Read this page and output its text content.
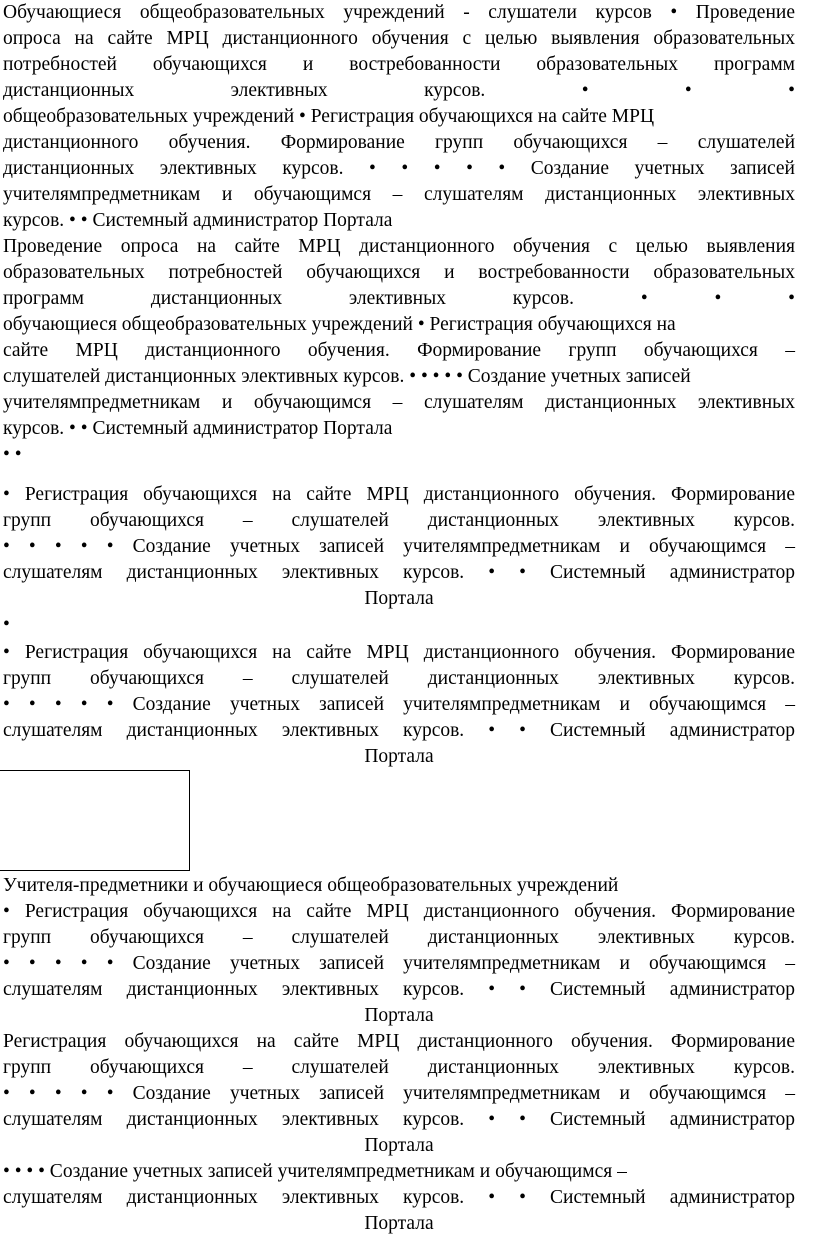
Обучающиеся общеобразовательных учреждений - слушатели курсов • Проведение
опроса на сайте МРЦ дистанционного обучения с целью выявления образовательных
потребностей обучающихся и востребованности образовательных программ
дистанционных элективных курсов. • • •
общеобразовательных учреждений • Регистрация обучающихся на сайте МРЦ
дистанционного обучения. Формирование групп обучающихся – слушателей
дистанционных элективных курсов. • • • • • Создание учетных записей
учителямпредметникам и обучающимся – слушателям дистанционных элективных
курсов. • • Системный администратор Портала
Проведение опроса на сайте МРЦ дистанционного обучения с целью выявления
образовательных потребностей обучающихся и востребованности образовательных
программ дистанционных элективных курсов. • • •
обучающиеся общеобразовательных учреждений • Регистрация обучающихся на
сайте МРЦ дистанционного обучения. Формирование групп обучающихся –
слушателей дистанционных элективных курсов. • • • • • Создание учетных записей
учителямпредметникам и обучающимся – слушателям дистанционных элективных
курсов. • • Системный администратор Портала
• •
• Регистрация обучающихся на сайте МРЦ дистанционного обучения. Формирование
групп обучающихся – слушателей дистанционных элективных курсов.
• • • • • Создание учетных записей учителямпредметникам и обучающимся –
слушателям дистанционных элективных курсов. • • Системный администратор
Портала
•
• Регистрация обучающихся на сайте МРЦ дистанционного обучения. Формирование
групп обучающихся – слушателей дистанционных элективных курсов.
• • • • • Создание учетных записей учителямпредметникам и обучающимся –
слушателям дистанционных элективных курсов. • • Системный администратор
Портала
Учителя-предметники и обучающиеся общеобразовательных учреждений
• Регистрация обучающихся на сайте МРЦ дистанционного обучения. Формирование
групп обучающихся – слушателей дистанционных элективных курсов.
• • • • • Создание учетных записей учителямпредметникам и обучающимся –
слушателям дистанционных элективных курсов. • • Системный администратор
Портала
Регистрация обучающихся на сайте МРЦ дистанционного обучения. Формирование
групп обучающихся – слушателей дистанционных элективных курсов.
• • • • • Создание учетных записей учителямпредметникам и обучающимся –
слушателям дистанционных элективных курсов. • • Системный администратор
Портала
• • • • Создание учетных записей учителямпредметникам и обучающимся –
слушателям дистанционных элективных курсов. • • Системный администратор
Портала
